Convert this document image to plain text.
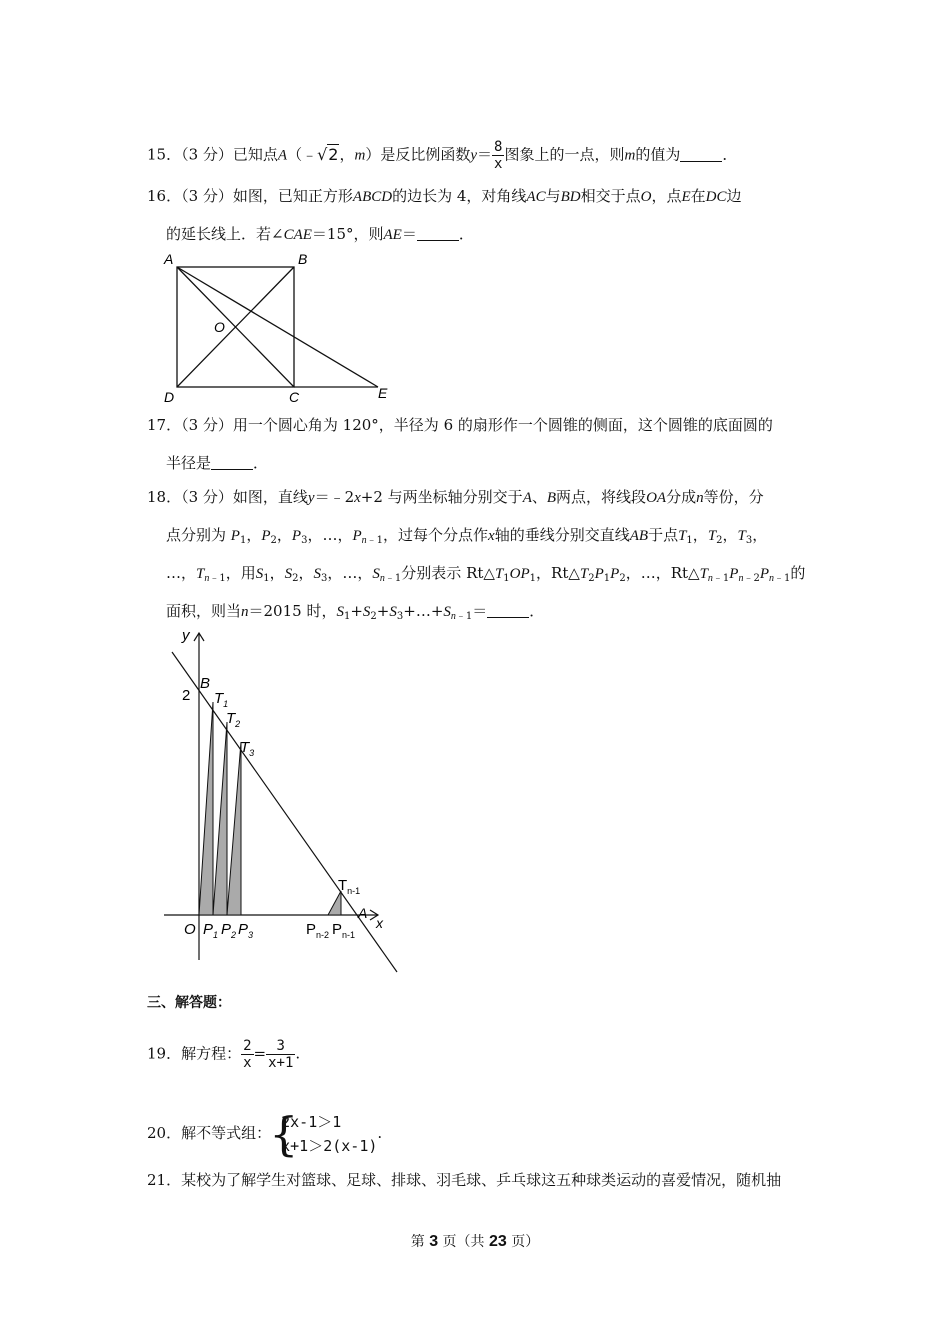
15．（3 分）已知点A（﹣√2，m）是反比例函数$y= \frac{8}{x}$ 图象上的一点，则m的值为	．
16．（3 分）如图，已知正方形ABCD的边长为 4，对角线AC与BD相交于点O，点E在DC边
的延长线上．若∠CAE＝15°，则AE＝	．
A	B
O
D	C	E
17．（3 分）用一个圆心角为 120°，半径为 6 的扇形作一个圆锥的侧面，这个圆锥的底面圆的
半径是	．
18．（3 分）如图，直线y＝﹣2x+2 与两坐标轴分别交于A、B两点，将线段OA分成n等份，分
点分别为 $P_1$，$P_2$，$P_3$，…，$P_{n﹣1}$，过每个分点作x轴的垂线分别交直线AB于点$T_1$，$T_2$，$T_3$，
…，$T_{n﹣1}$，用$S_1$，$S_2$，$S_3$，…，$S_{n﹣1}$分别表示 $Rt\triangle T_1OP_1$，$Rt\triangle T_2P_1P_2$，…，$Rt\triangle T_{n﹣1}P_{n﹣2}P_{n﹣1}$的
面积，则当n＝2015 时，$S_1+S_2+S_3+\dots+S_{n﹣1}=$	．
y
2
B
$T_1$
$T_2$
$T_3$
$T_{n-1}$
A
x
O $P_1$ $P_2$ $P_3$	$P_{n-2}$ $P_{n-1}$
三、解答题：
19．解方程： $\frac{2}{x} = \frac{3}{x+1}$ .
20．解不等式组：
{
2x-1＞1
x+1＞2(x-1)
.
21．某校为了解学生对篮球、足球、排球、羽毛球、乒乓球这五种球类运动的喜爱情况，随机抽
第 3 页（共 23 页）
